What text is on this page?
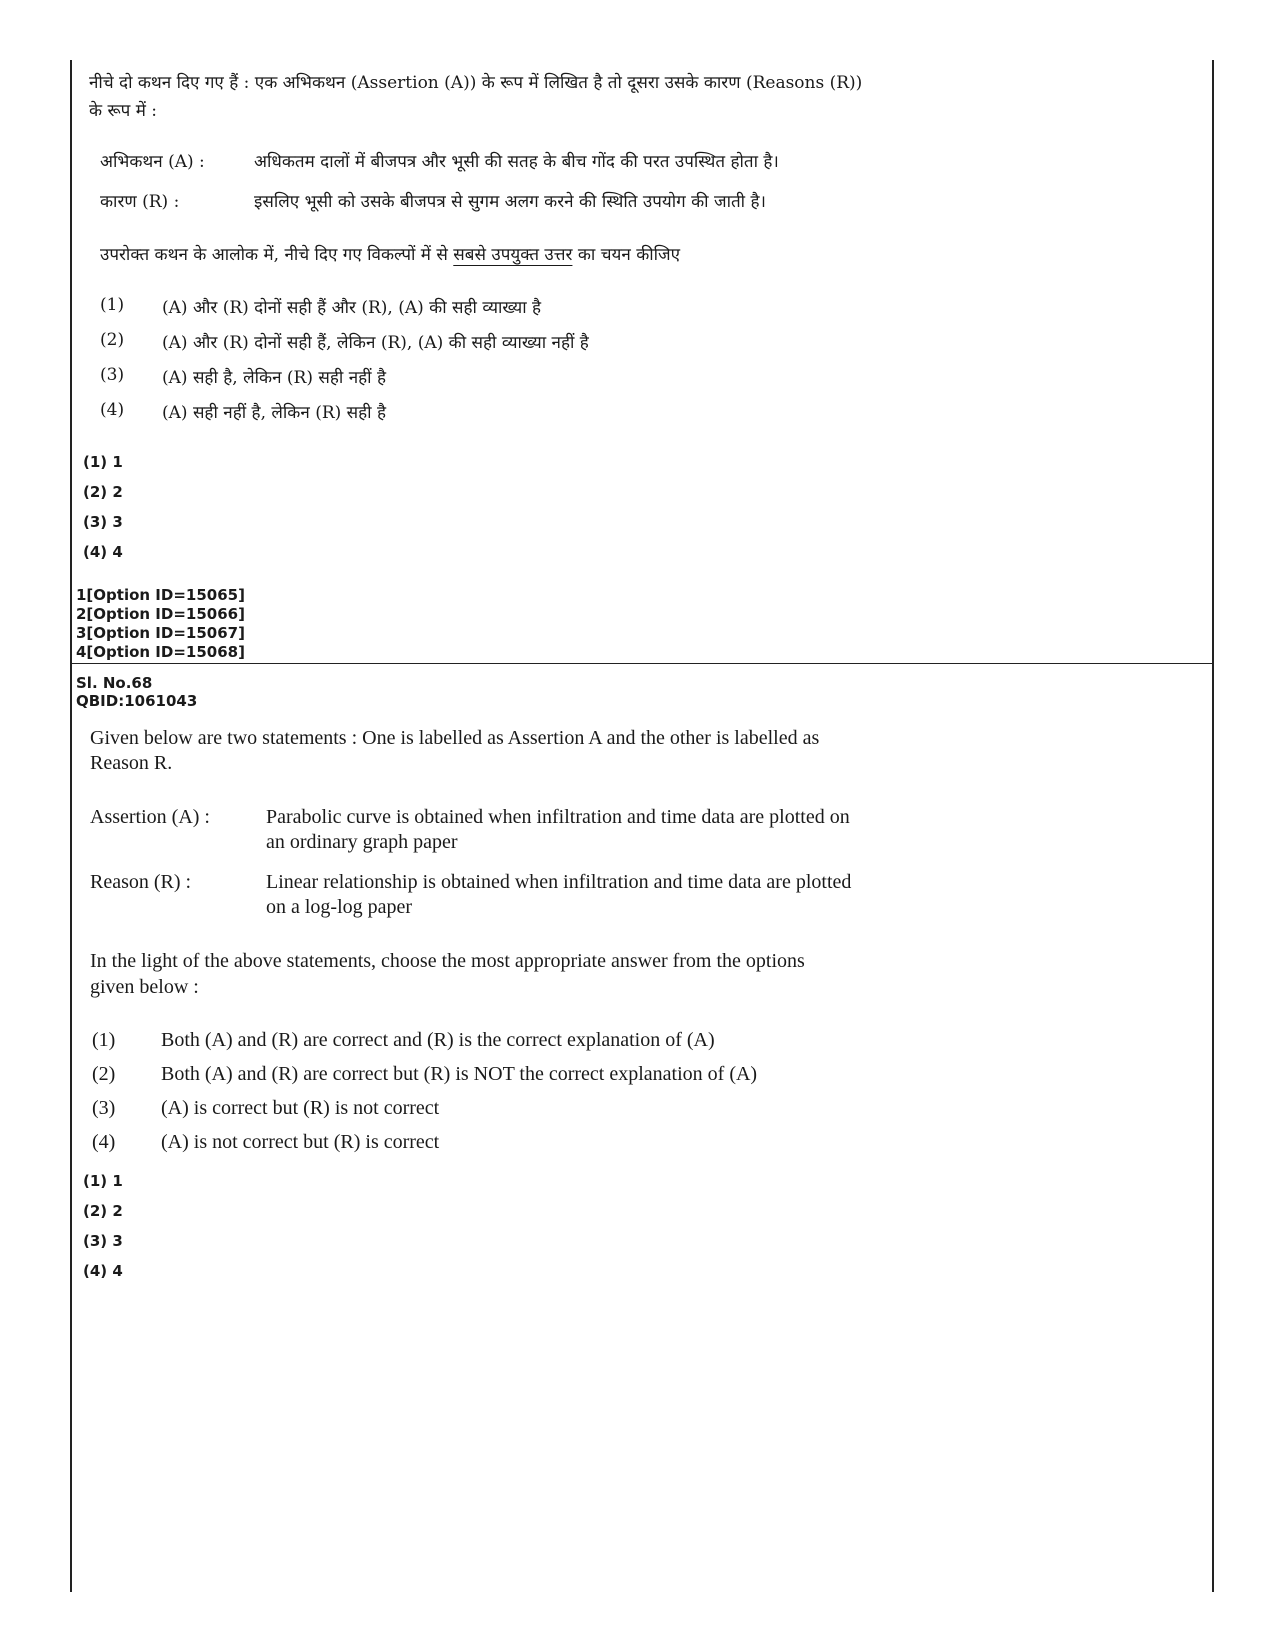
नीचे दो कथन दिए गए हैं : एक अभिकथन (Assertion (A)) के रूप में लिखित है तो दूसरा उसके कारण (Reasons (R))
के रूप में :
अभिकथन (A) :	अधिकतम दालों में बीजपत्र और भूसी की सतह के बीच गोंद की परत उपस्थित होता है।
कारण (R) :	इसलिए भूसी को उसके बीजपत्र से सुगम अलग करने की स्थिति उपयोग की जाती है।
उपरोक्त कथन के आलोक में, नीचे दिए गए विकल्पों में से सबसे उपयुक्त उत्तर का चयन कीजिए
(1) (A) और (R) दोनों सही हैं और (R), (A) की सही व्याख्या है
(2) (A) और (R) दोनों सही हैं, लेकिन (R), (A) की सही व्याख्या नहीं है
(3) (A) सही है, लेकिन (R) सही नहीं है
(4) (A) सही नहीं है, लेकिन (R) सही है
(1) 1
(2) 2
(3) 3
(4) 4
1[Option ID=15065]
2[Option ID=15066]
3[Option ID=15067]
4[Option ID=15068]
Sl. No.68
QBID:1061043
Given below are two statements : One is labelled as Assertion A and the other is labelled as
Reason R.
Assertion (A) :	Parabolic curve is obtained when infiltration and time data are plotted on
an ordinary graph paper
Reason (R) :	Linear relationship is obtained when infiltration and time data are plotted
on a log-log paper
In the light of the above statements, choose the most appropriate answer from the options
given below :
(1) Both (A) and (R) are correct and (R) is the correct explanation of (A)
(2) Both (A) and (R) are correct but (R) is NOT the correct explanation of (A)
(3) (A) is correct but (R) is not correct
(4) (A) is not correct but (R) is correct
(1) 1
(2) 2
(3) 3
(4) 4
